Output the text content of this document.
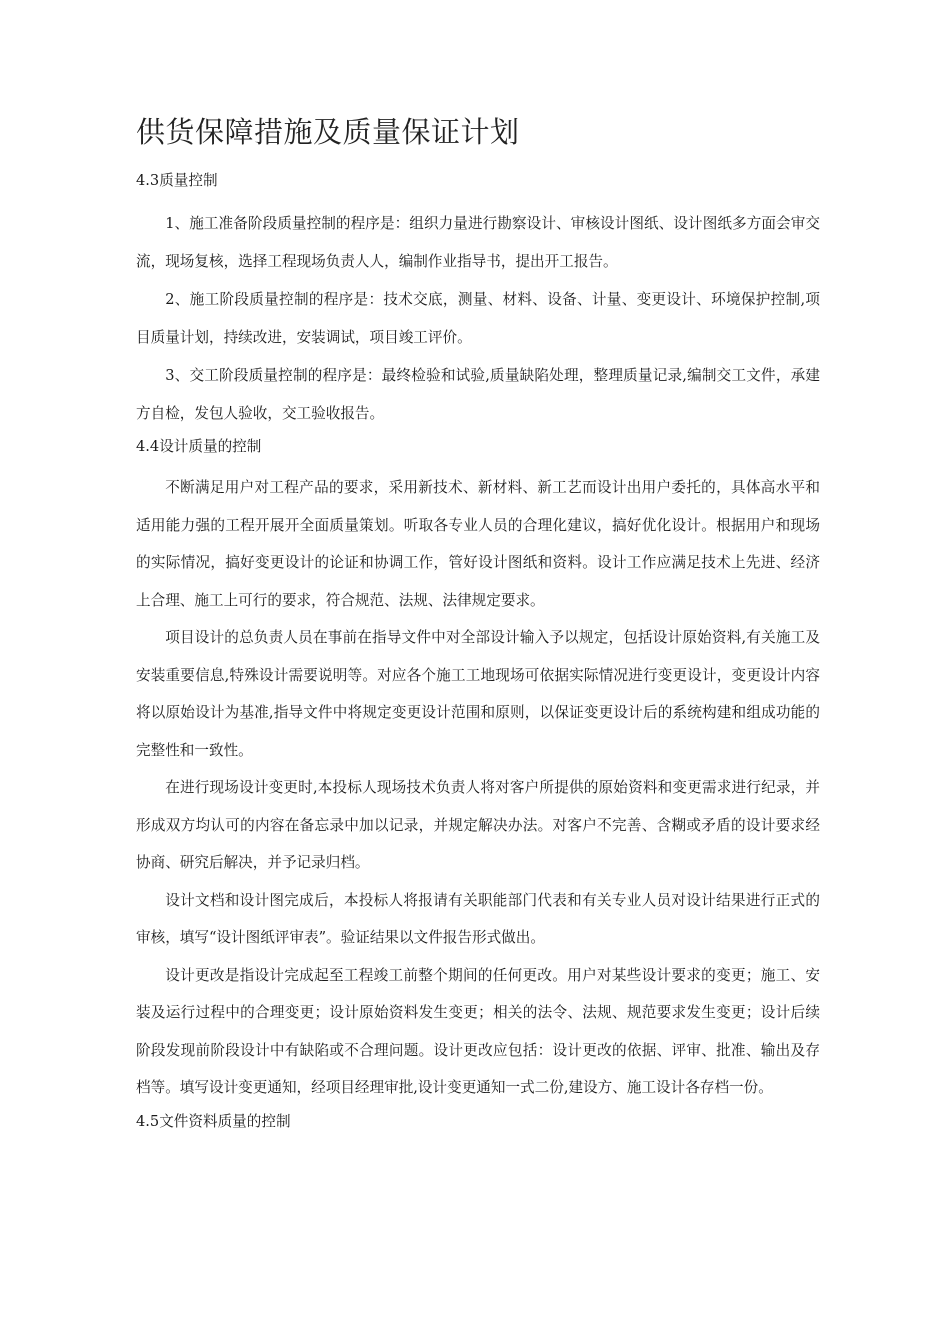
供货保障措施及质量保证计划
4.3质量控制

1、施工准备阶段质量控制的程序是：组织力量进行勘察设计、审核设计图纸、设计图纸多方面会审交流，现场复核，选择工程现场负责人人，编制作业指导书，提出开工报告。

2、施工阶段质量控制的程序是：技术交底，测量、材料、设备、计量、变更设计、环境保护控制,项目质量计划，持续改进，安装调试，项目竣工评价。

3、交工阶段质量控制的程序是：最终检验和试验,质量缺陷处理，整理质量记录,编制交工文件，承建方自检，发包人验收，交工验收报告。

4.4设计质量的控制

不断满足用户对工程产品的要求，采用新技术、新材料、新工艺而设计出用户委托的，具体高水平和适用能力强的工程开展开全面质量策划。听取各专业人员的合理化建议，搞好优化设计。根据用户和现场的实际情况，搞好变更设计的论证和协调工作，管好设计图纸和资料。设计工作应满足技术上先进、经济上合理、施工上可行的要求，符合规范、法规、法律规定要求。

项目设计的总负责人员在事前在指导文件中对全部设计输入予以规定，包括设计原始资料,有关施工及安装重要信息,特殊设计需要说明等。对应各个施工工地现场可依据实际情况进行变更设计，变更设计内容将以原始设计为基准,指导文件中将规定变更设计范围和原则，以保证变更设计后的系统构建和组成功能的完整性和一致性。

在进行现场设计变更时,本投标人现场技术负责人将对客户所提供的原始资料和变更需求进行纪录，并形成双方均认可的内容在备忘录中加以记录，并规定解决办法。对客户不完善、含糊或矛盾的设计要求经协商、研究后解决，并予记录归档。

设计文档和设计图完成后，本投标人将报请有关职能部门代表和有关专业人员对设计结果进行正式的审核，填写“设计图纸评审表”。验证结果以文件报告形式做出。

设计更改是指设计完成起至工程竣工前整个期间的任何更改。用户对某些设计要求的变更；施工、安装及运行过程中的合理变更；设计原始资料发生变更；相关的法令、法规、规范要求发生变更；设计后续阶段发现前阶段设计中有缺陷或不合理问题。设计更改应包括：设计更改的依据、评审、批准、输出及存档等。填写设计变更通知，经项目经理审批,设计变更通知一式二份,建设方、施工设计各存档一份。

4.5文件资料质量的控制
